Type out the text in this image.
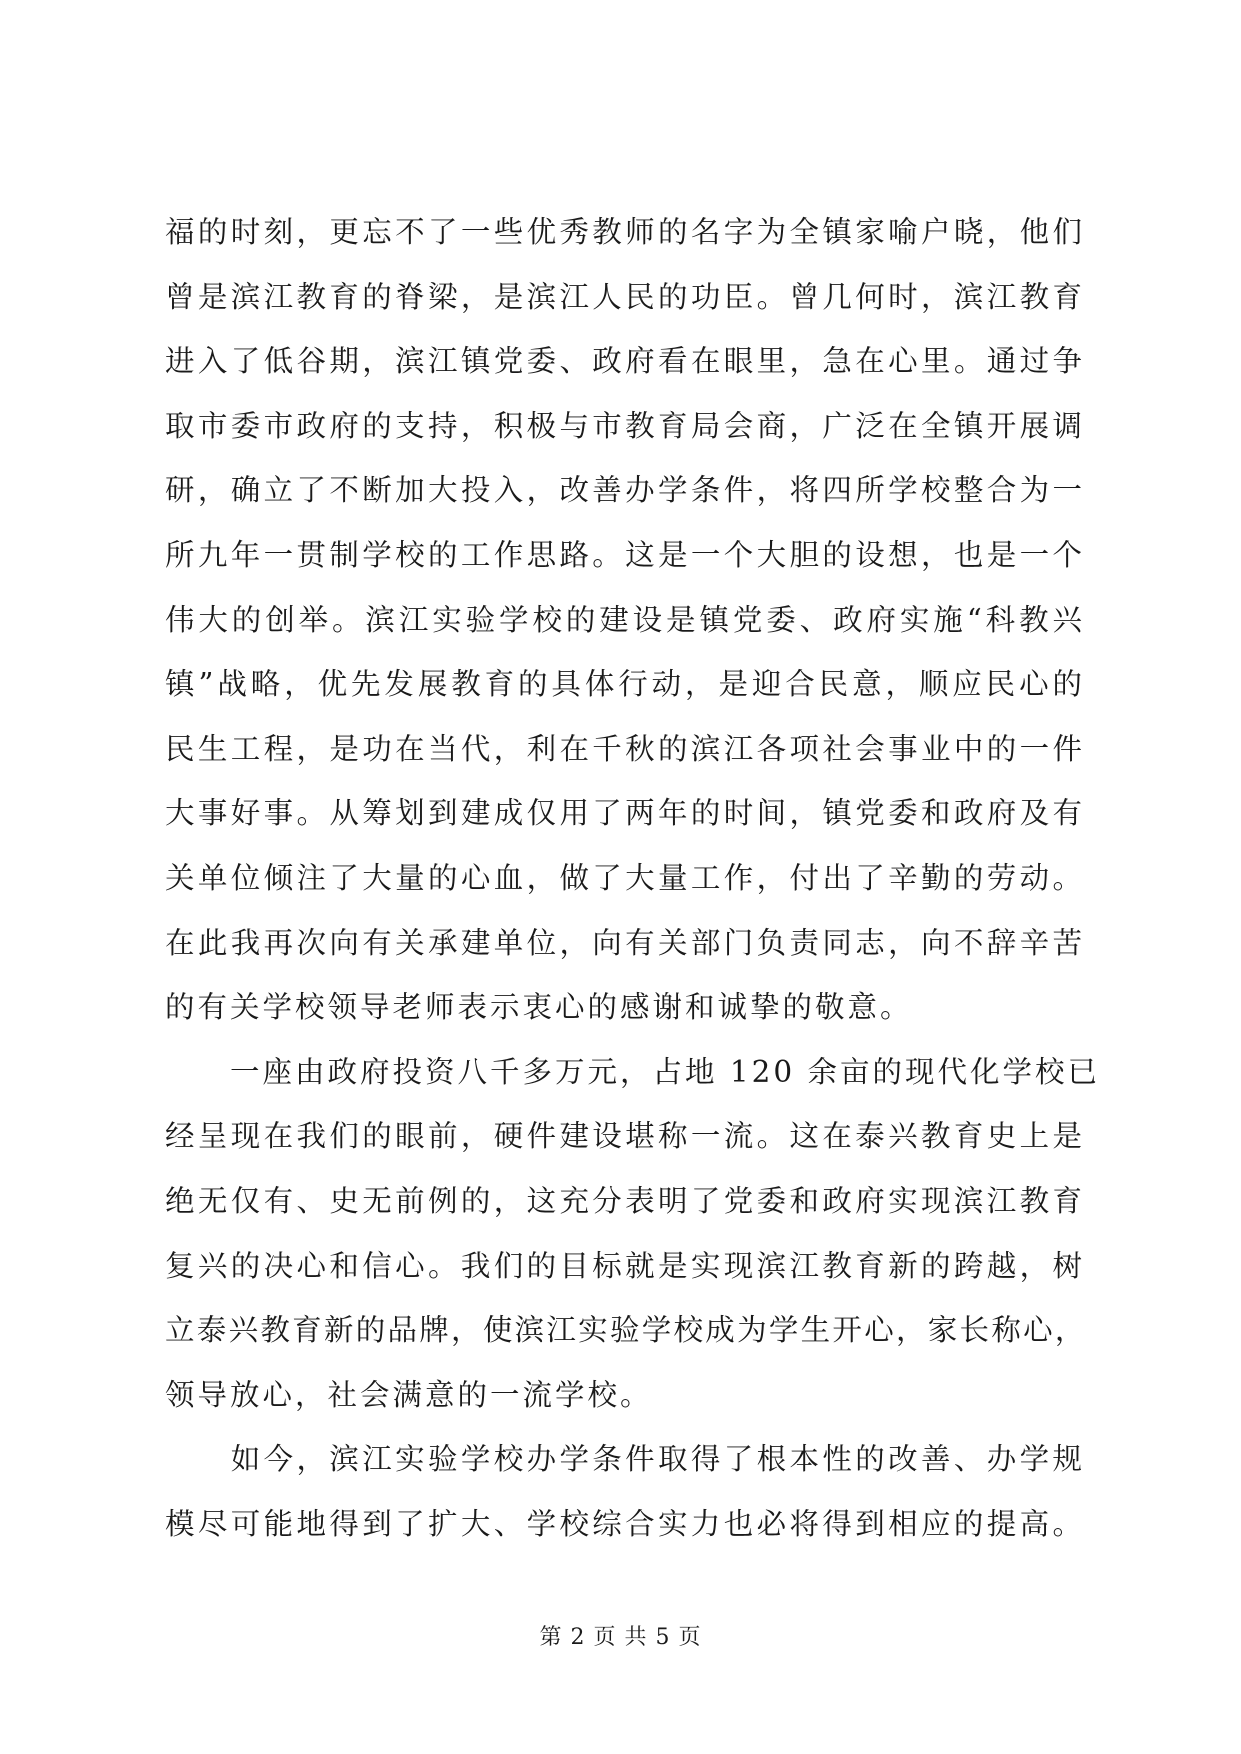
福的时刻，更忘不了一些优秀教师的名字为全镇家喻户晓，他们
曾是滨江教育的脊梁，是滨江人民的功臣。曾几何时，滨江教育
进入了低谷期，滨江镇党委、政府看在眼里，急在心里。通过争
取市委市政府的支持，积极与市教育局会商，广泛在全镇开展调
研，确立了不断加大投入，改善办学条件，将四所学校整合为一
所九年一贯制学校的工作思路。这是一个大胆的设想，也是一个
伟大的创举。滨江实验学校的建设是镇党委、政府实施“科教兴
镇”战略，优先发展教育的具体行动，是迎合民意，顺应民心的
民生工程，是功在当代，利在千秋的滨江各项社会事业中的一件
大事好事。从筹划到建成仅用了两年的时间，镇党委和政府及有
关单位倾注了大量的心血，做了大量工作，付出了辛勤的劳动。
在此我再次向有关承建单位，向有关部门负责同志，向不辞辛苦
的有关学校领导老师表示衷心的感谢和诚挚的敬意。
　　一座由政府投资八千多万元，占地 120 余亩的现代化学校已
经呈现在我们的眼前，硬件建设堪称一流。这在泰兴教育史上是
绝无仅有、史无前例的，这充分表明了党委和政府实现滨江教育
复兴的决心和信心。我们的目标就是实现滨江教育新的跨越，树
立泰兴教育新的品牌，使滨江实验学校成为学生开心，家长称心，
领导放心，社会满意的一流学校。
　　如今，滨江实验学校办学条件取得了根本性的改善、办学规
模尽可能地得到了扩大、学校综合实力也必将得到相应的提高。
第 2 页 共 5 页
